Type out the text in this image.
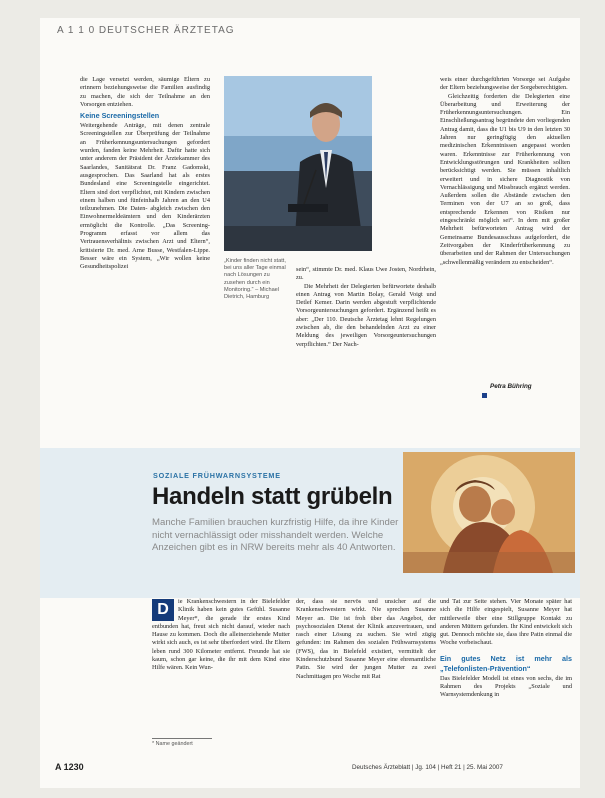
A 1 1 0 DEUTSCHER ÄRZTETAG

die Lage versetzt werden, säumige Eltern zu erinnern beziehungsweise die Familien ausfindig zu machen, die sich der Teilnahme an den Vorsorgen entziehen.

Keine Screeningstellen

Weitergehende Anträge, mit denen zentrale Screeningstellen zur Überprüfung der Teilnahme an Früherkennungsuntersuchungen gefordert wurden, fanden keine Mehrheit. Dafür hatte sich unter anderem der Präsident der Ärztekammer des Saarlandes, Sanitätsrat Dr. Franz Gadomski, ausgesprochen. Das Saarland hat als erstes Bundesland eine Screeningstelle eingerichtet. Eltern sind dort verpflichtet, mit Kindern zwischen einem halben und fünfeinhalb Jahren an den U4 teilzunehmen. Die Daten- abgleich zwischen den Einwohnermeldeämtern und den Kinderärzten ermöglicht die Kontrolle. „Das Screening-Programm erfasst vor allem das Vertrauensverhältnis zwischen Arzt und Eltern“, kritisierte Dr. med. Arne Busse, Westfalen-Lippe. Besser wäre ein System, „Wir wollen keine Gesundheitspolizei

„Kinder finden nicht statt, bei uns aller Tage einmal nach Lösungen zu zusehen durch ein Monitoring.“ – Michael Dietrich, Hamburg

sein“, stimmte Dr. med. Klaus Uwe Josten, Nordrhein, zu.

Die Mehrheit der Delegierten befürwortete deshalb einen Antrag von Martin Bolay, Gerald Voigt und Detlef Kemer. Darin werden abgestuft verpflichtende Vorsorgeuntersuchungen gefordert. Ergänzend heißt es aber: „Der 110. Deutsche Ärztetag lehnt Regelungen zwischen ab, die den behandelnden Arzt zu einer Meldung des jeweiligen Vorsorgeuntersuchungen verpflichten.“ Der Nach-

weis einer durchgeführten Vorsorge sei Aufgabe der Eltern beziehungsweise der Sorgeberechtigten.

Gleichzeitig forderten die Delegierten eine Überarbeitung und Erweiterung der Früherkennungsuntersuchungen. Ein Einschließungsantrag begründete den vorliegenden Antrag damit, dass die U1 bis U9 in den letzten 30 Jahren nur geringfügig den aktuellen medizinischen Erkenntnissen angepasst worden waren. Erkenntnisse zur Früherkennung von Entwicklungsstörungen und Krankheiten sollten berücksichtigt werden. Sie müssen inhaltlich erweitert und in sichere Diagnostik von Vernachlässigung und Missbrauch ergänzt werden. Außerdem sollen die Abstände zwischen den Terminen von der U7 an so groß, dass entsprechende Erkennen von Risiken nur eingeschränkt möglich sei“. In dem mit großer Mehrheit befürworteten Antrag wird der Gemeinsame Bundesausschuss aufgefordert, die Zeitvorgaben der Kinderfrüherkennung zu überarbeiten und der Rahmen der Untersuchungen „schwellenmäßig verändern zu entscheiden“.

Petra Bühring
SOZIALE FRÜHWARNSYSTEME
Handeln statt grübeln
Manche Familien brauchen kurzfristig Hilfe, da ihre Kinder nicht vernachlässigt oder misshandelt werden. Welche Anzeichen gibt es in NRW bereits mehr als 40 Antworten.
D	ie Krankenschwestern in der Bielefelder Klinik haben kein gutes Gefühl. Susanne Meyer*, die gerade ihr erstes Kind entbunden hat, freut sich nicht darauf, wieder nach Hause zu kommen. Doch die alleinerziehende Mutter wirkt sich auch, es ist sehr überfordert wird. Ihr Eltern leben rund 300 Kilometer entfernt. Freunde hat sie kaum, schon gar keine, die ihr mit dem Kind eine Hilfe wären. Kein Wun-

der, dass sie nervös und unsicher auf die Krankenschwestern wirkt. Nie sprechen Susanne Meyer an. Die ist froh über das Angebot, der psychosozialen Dienst der Klinik anzuvertrauen, und rasch einer Lösung zu suchen. Sie wird zügig gefunden: im Rahmen des sozialen Frühwarnsystems (FWS), das in Bielefeld existiert, vermittelt der Kinderschutzbund Susanne Meyer eine ehrenamtliche Patin. Sie wird der jungen Mutter zu zwei Nachmittagen pro Woche mit Rat

und Tat zur Seite stehen. Vier Monate später hat sich die Hilfe eingespielt, Susanne Meyer hat mittlerweile über eine Stillgruppe Kontakt zu anderen Müttern gefunden. Ihr Kind entwickelt sich gut. Dennoch möchte sie, dass ihre Patin einmal die Woche vorbeischaut.

Ein gutes Netz ist mehr als „Telefonlisten-Prävention“

Das Bielefelder Modell ist eines von sechs, die im Rahmen des Projekts „Soziale und Warnsystemdenkung in

* Name geändert
A 1230	Deutsches Ärzteblatt | Jg. 104 | Heft 21 | 25. Mai 2007
